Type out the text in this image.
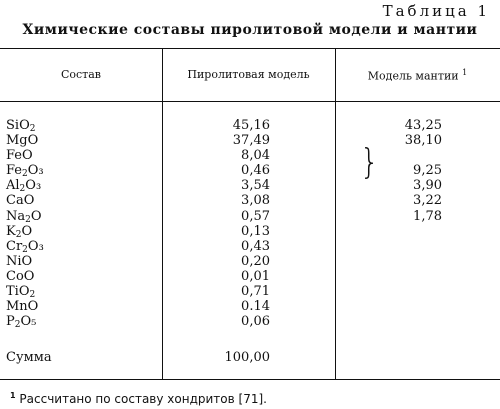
Таблица 1
Химические составы пиролитовой модели и мантии
Состав	Пиролитовая модель	Модель мантии $^1$
SiO$_2$	45,16	43,25
MgO	37,49	38,10
FeO	8,04
$Fe_2O_3$	0,46	9,25
$Al_2O_3$	3,54	3,90
CaO	3,08	3,22
$Na_2O$	0,57	1,78
$K_2O$	0,13
$Cr_2O_3$	0,43
NiO	0,20
CoO	0,01
TiO$_2$	0,71
MnO	0.14
$P_2O_5$	0,06
}
Сумма	100,00
$^1$ Рассчитано по составу хондритов [71].
